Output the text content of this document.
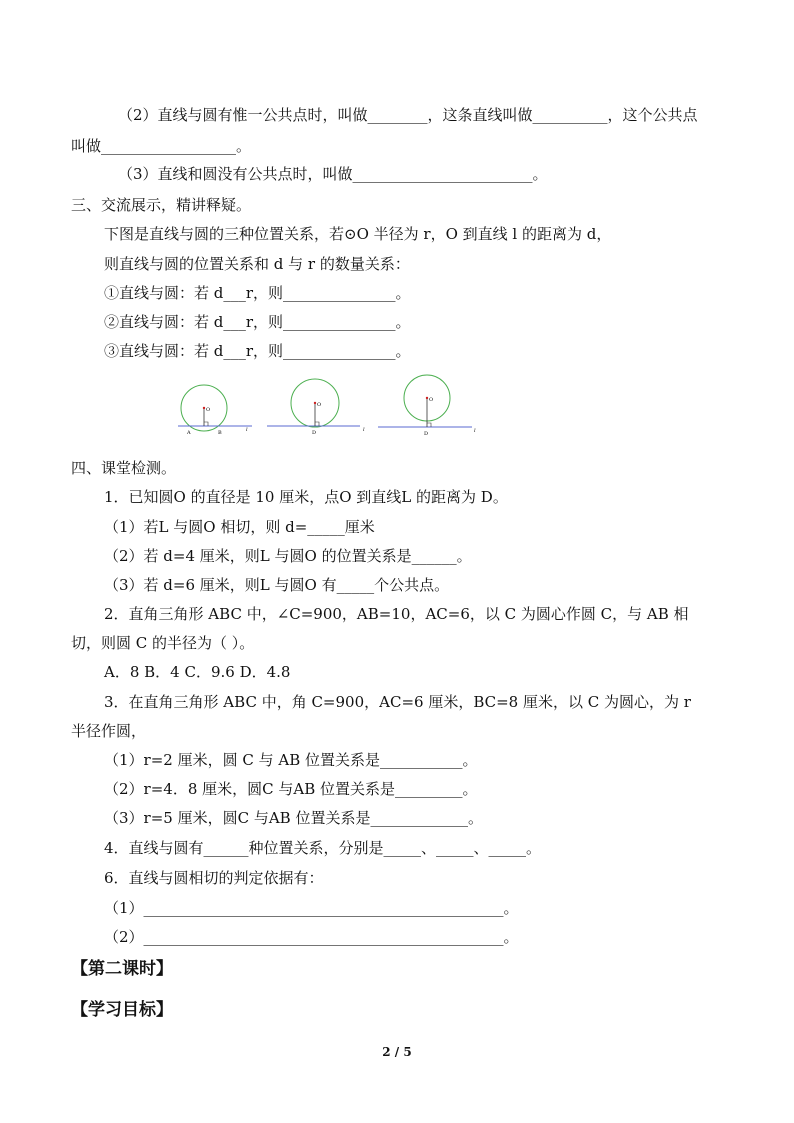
（2）直线与圆有惟一公共点时，叫做________，这条直线叫做__________，这个公共点
叫做__________________。
（3）直线和圆没有公共点时，叫做________________________。
三、交流展示，精讲释疑。
下图是直线与圆的三种位置关系，若⊙O 半径为 r，O 到直线 l 的距离为 d，
则直线与圆的位置关系和 d 与 r 的数量关系：
①直线与圆：若 d___r，则_______________。
②直线与圆：若 d___r，则_______________。
③直线与圆：若 d___r，则_______________。
O
A	B	l
O
D	l
O
D	l
四、课堂检测。
1．已知圆O 的直径是 10 厘米，点O 到直线L 的距离为 D。
（1）若L 与圆O 相切，则 d=_____厘米
（2）若 d=4 厘米，则L 与圆O 的位置关系是______。
（3）若 d=6 厘米，则L 与圆O 有_____个公共点。
2．直角三角形 ABC 中，∠C=900，AB=10，AC=6，以 C 为圆心作圆 C，与 AB 相
切，则圆 C 的半径为（ ）。
A．8 B．4 C．9.6 D．4.8
3．在直角三角形 ABC 中，角 C=900，AC=6 厘米，BC=8 厘米，以 C 为圆心，为 r
半径作圆，
（1）r=2 厘米，圆 C 与 AB 位置关系是___________。
（2）r=4．8 厘米，圆C 与AB 位置关系是_________。
（3）r=5 厘米，圆C 与AB 位置关系是_____________。
4．直线与圆有______种位置关系，分别是_____、_____、_____。
6．直线与圆相切的判定依据有：
（1）________________________________________________。
（2）________________________________________________。
【第二课时】
【学习目标】
2 / 5
